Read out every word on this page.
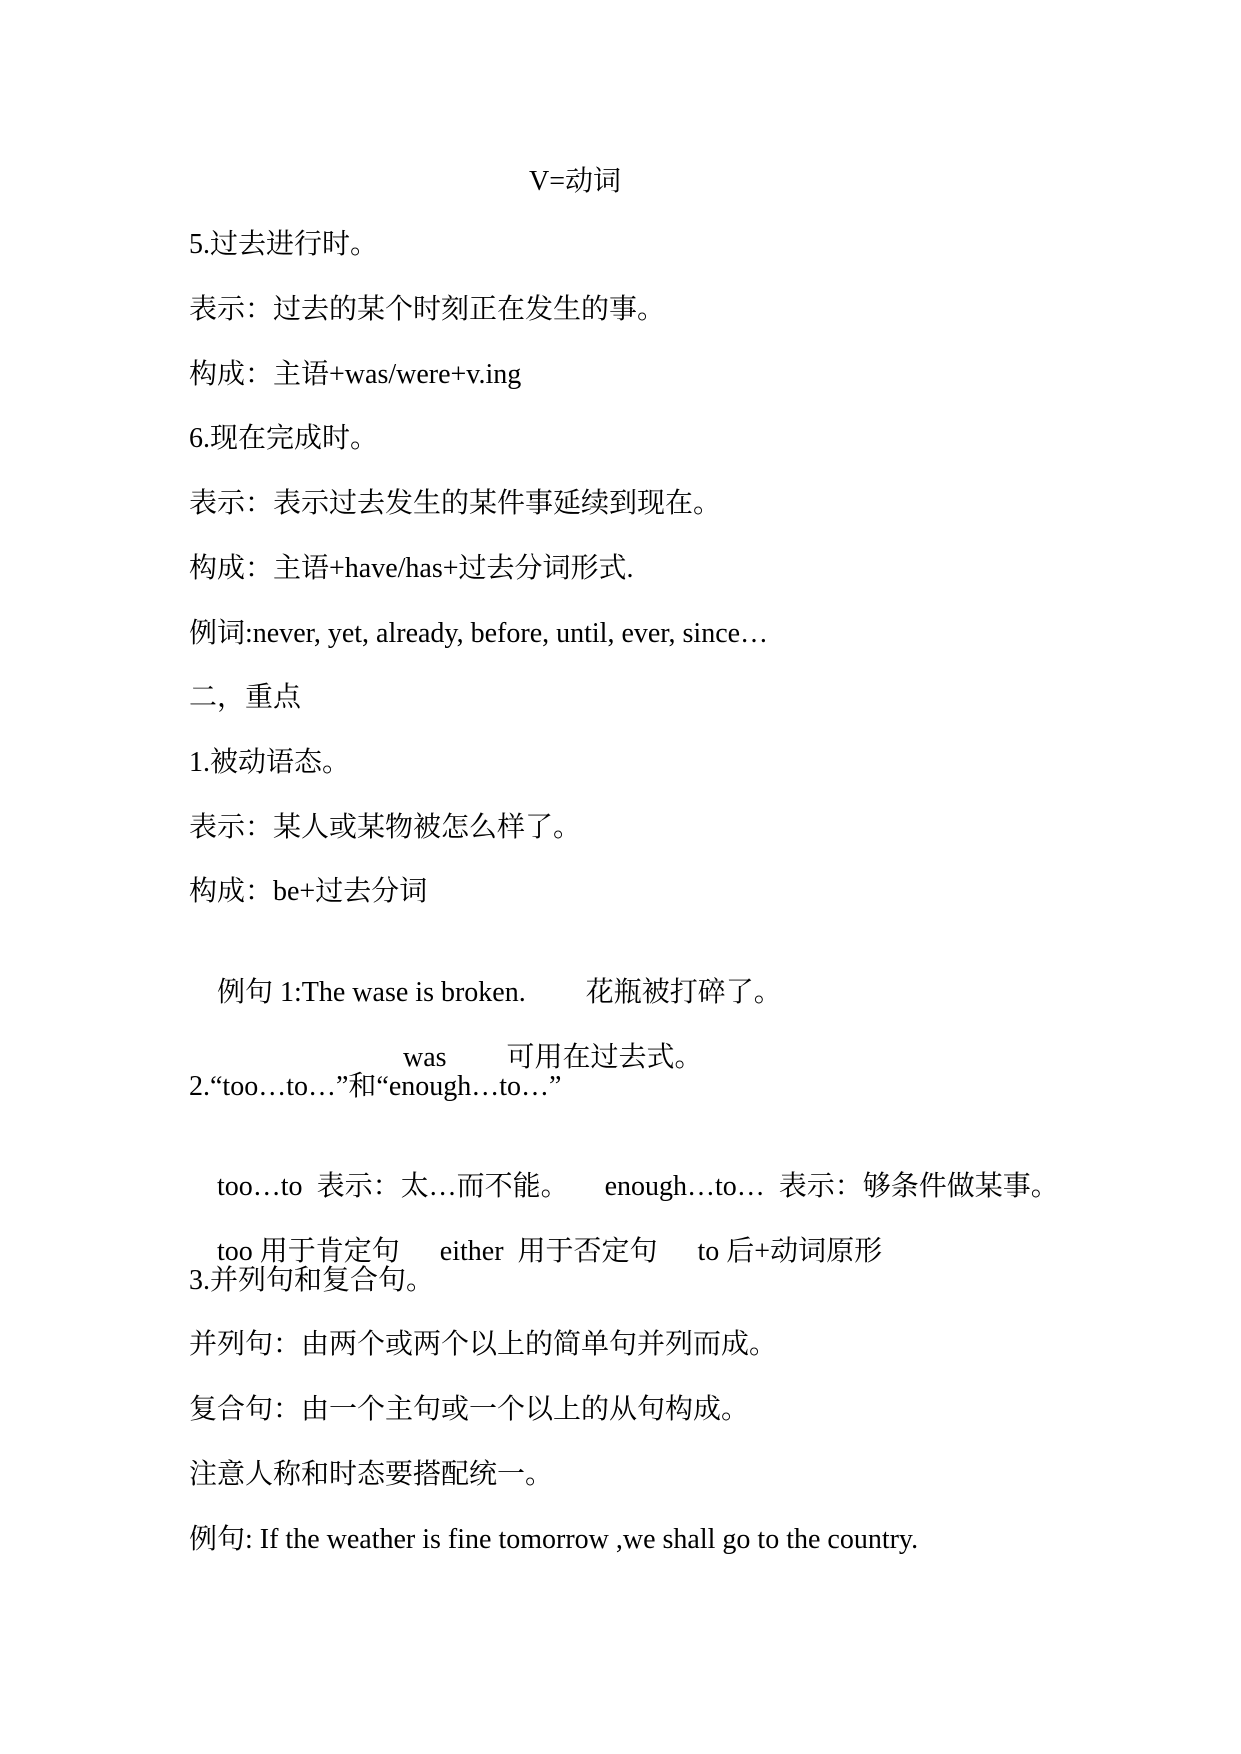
V=动词
5.过去进行时。
表示：过去的某个时刻正在发生的事。
构成：主语+was/were+v.ing
6.现在完成时。
表示：表示过去发生的某件事延续到现在。
构成：主语+have/has+过去分词形式.
例词:never, yet, already, before, until, ever, since…
二，重点
1.被动语态。
表示：某人或某物被怎么样了。
构成：be+过去分词

例句 1:The wase is broken. 花瓶被打碎了。

was 可用在过去式。

2.“too…to…”和“enough…to…”

too…to 表示：太…而不能。 enough…to… 表示：够条件做某事。

too 用于肯定句 either  用于否定句 to 后+动词原形

3.并列句和复合句。
并列句：由两个或两个以上的简单句并列而成。
复合句：由一个主句或一个以上的从句构成。
注意人称和时态要搭配统一。
例句: If the weather is fine tomorrow ,we shall go to the country.
